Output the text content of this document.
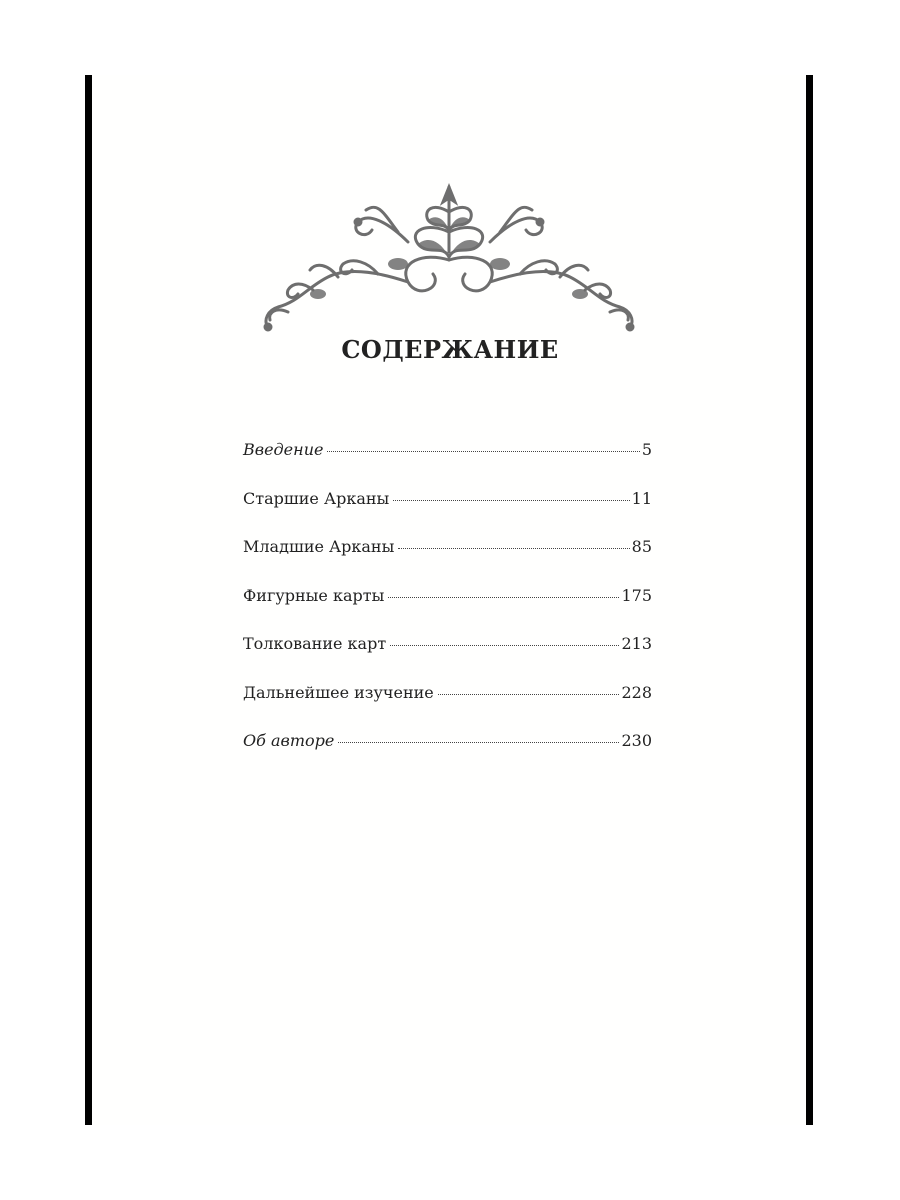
СОДЕРЖАНИЕ
Введение	5
Старшие Арканы	11
Младшие Арканы	85
Фигурные карты	175
Толкование карт	213
Дальнейшее изучение	228
Об авторе	230
